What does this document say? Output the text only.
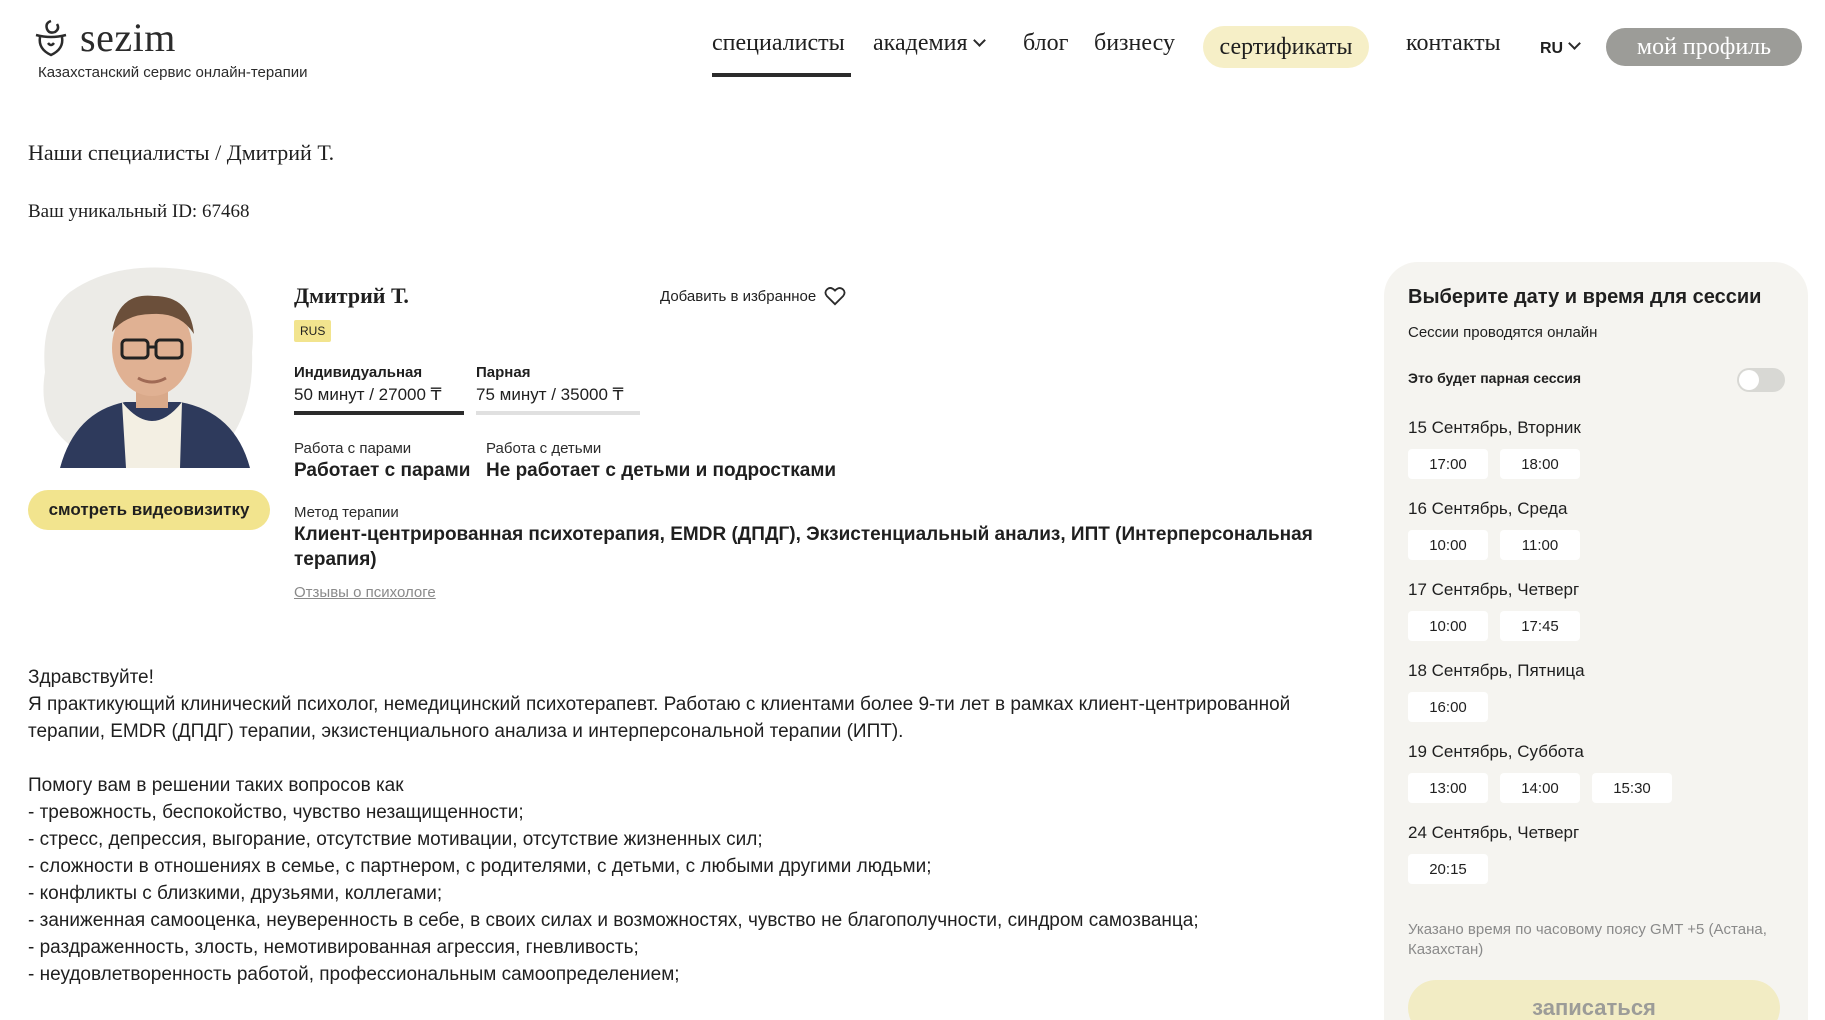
sezim
Казахстанский сервис онлайн-терапии
специалисты академия	блог бизнесу	сертификаты	контакты RU	мой профиль
Наши специалисты / Дмитрий Т.
Ваш уникальный ID: 67468
смотреть видеовизитку
Дмитрий Т.	Добавить в избранное
RUS
Индивидуальная
50 минут / 27000 ₸
Парная
75 минут / 35000 ₸
Работа с парами
Работает с парами
Работа с детьми
Не работает с детьми и подростками
Метод терапии
Клиент-центрированная психотерапия, EMDR (ДПДГ), Экзистенциальный анализ, ИПТ (Интерперсональная терапия)
Отзывы о психологе
Здравствуйте!

Я практикующий клинический психолог, немедицинский психотерапевт. Работаю с клиентами более 9-ти лет в рамках клиент-центрированной терапии, EMDR (ДПДГ) терапии, экзистенциального анализа и интерперсональной терапии (ИПТ).

Помогу вам в решении таких вопросов как
- тревожность, беспокойство, чувство незащищенности;
- стресс, депрессия, выгорание, отсутствие мотивации, отсутствие жизненных сил;
- сложности в отношениях в семье, с партнером, с родителями, с детьми, с любыми другими людьми;
- конфликты с близкими, друзьями, коллегами;
- заниженная самооценка, неуверенность в себе, в своих силах и возможностях, чувство не благополучности, синдром самозванца;
- раздраженность, злость, немотивированная агрессия, гневливость;
- неудовлетворенность работой, профессиональным самоопределением;
Выберите дату и время для сессии
Сессии проводятся онлайн
Это будет парная сессия
15 Сентябрь, Вторник
17:00	18:00
16 Сентябрь, Среда
10:00	11:00
17 Сентябрь, Четверг
10:00	17:45
18 Сентябрь, Пятница
16:00
19 Сентябрь, Суббота
13:00	14:00	15:30
24 Сентябрь, Четверг
20:15
Указано время по часовому поясу GMT +5 (Астана, Казахстан)
записаться
